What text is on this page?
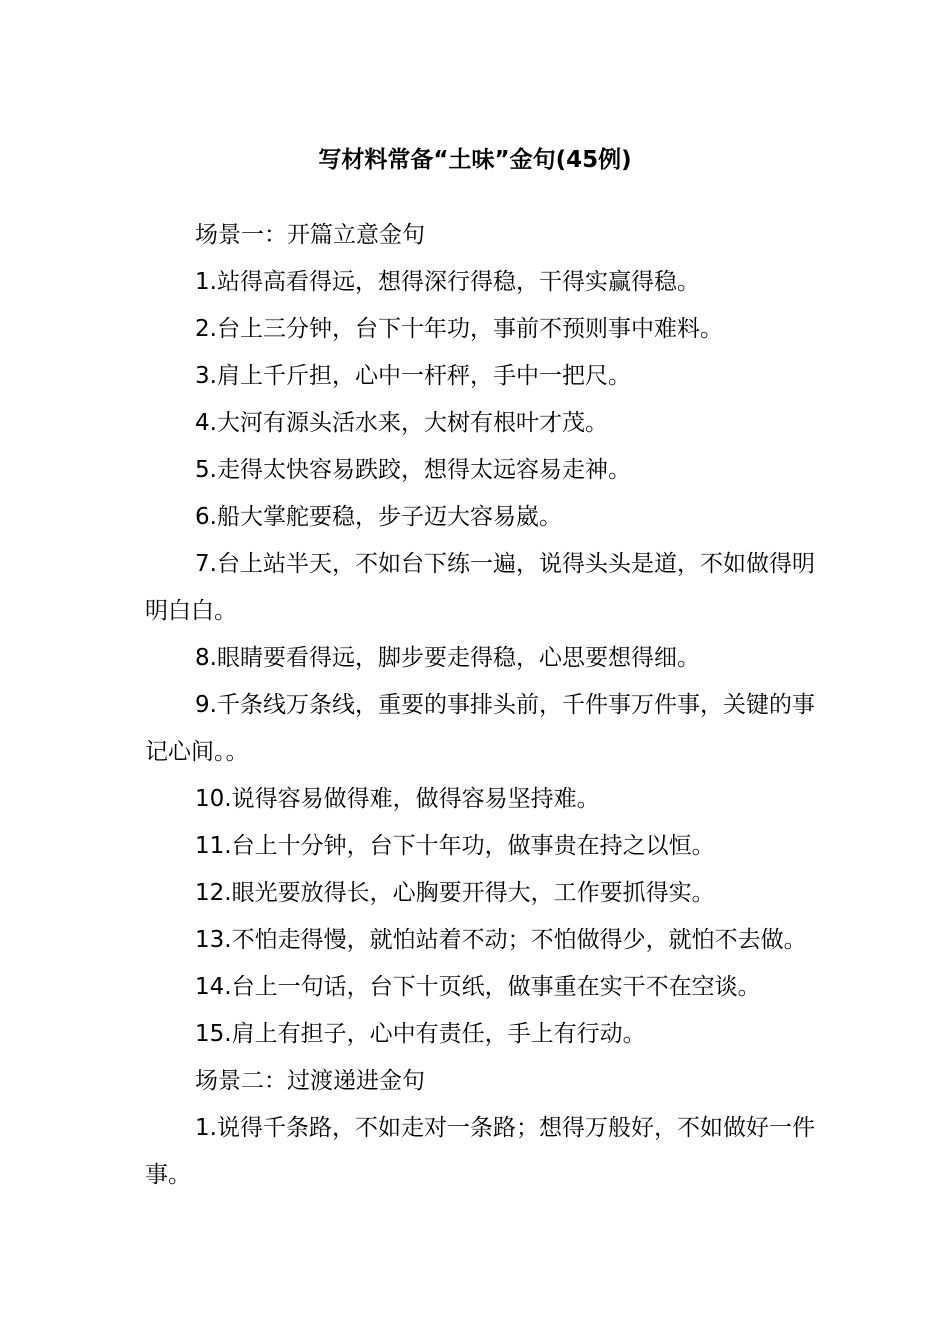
写材料常备“土味”金句(45例)

场景一：开篇立意金句

1.站得高看得远，想得深行得稳，干得实赢得稳。

2.台上三分钟，台下十年功，事前不预则事中难料。

3.肩上千斤担，心中一杆秤，手中一把尺。

4.大河有源头活水来，大树有根叶才茂。

5.走得太快容易跌跤，想得太远容易走神。

6.船大掌舵要稳，步子迈大容易崴。

7.台上站半天，不如台下练一遍，说得头头是道，不如做得明明白白。

8.眼睛要看得远，脚步要走得稳，心思要想得细。

9.千条线万条线，重要的事排头前，千件事万件事，关键的事记心间。。

10.说得容易做得难，做得容易坚持难。

11.台上十分钟，台下十年功，做事贵在持之以恒。

12.眼光要放得长，心胸要开得大，工作要抓得实。

13.不怕走得慢，就怕站着不动；不怕做得少，就怕不去做。

14.台上一句话，台下十页纸，做事重在实干不在空谈。

15.肩上有担子，心中有责任，手上有行动。

场景二：过渡递进金句

1.说得千条路，不如走对一条路；想得万般好，不如做好一件事。
